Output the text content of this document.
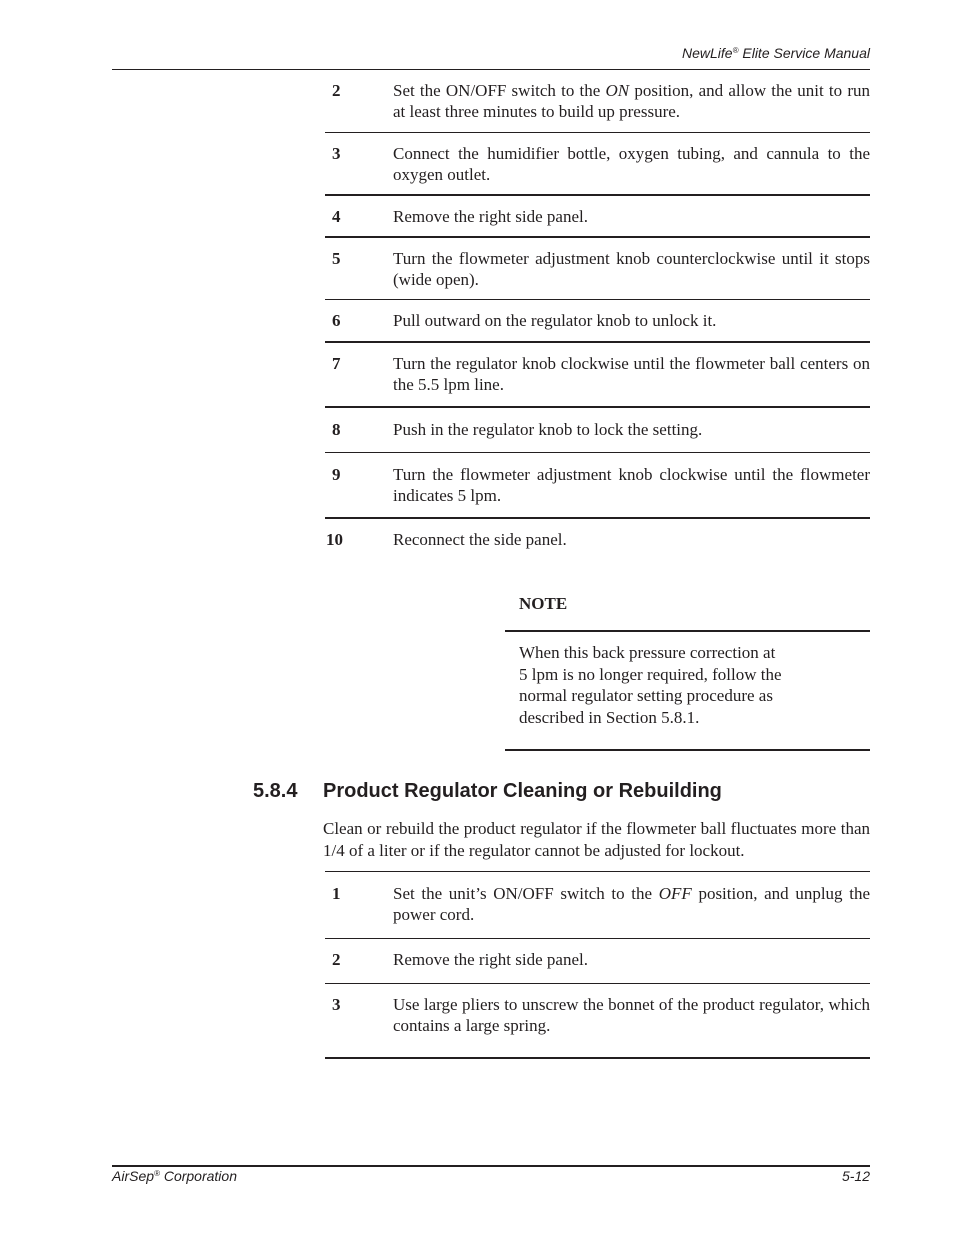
NewLife® Elite Service Manual
2	Set the ON/OFF switch to the ON position, and allow the unit to run at least three minutes to build up pressure.
3	Connect the humidifier bottle, oxygen tubing, and cannula to the oxygen outlet.
4	Remove the right side panel.
5	Turn the flowmeter adjustment knob counterclockwise until it stops (wide open).
6	Pull outward on the regulator knob to unlock it.
7	Turn the regulator knob clockwise until the flowmeter ball centers on the 5.5 lpm line.
8	Push in the regulator knob to lock the setting.
9	Turn the flowmeter adjustment knob clockwise until the flowmeter indicates 5 lpm.
10	Reconnect the side panel.
NOTE
When this back pressure correction at
5 lpm is no longer required, follow the
normal regulator setting procedure as
described in Section 5.8.1.
5.8.4 Product Regulator Cleaning or Rebuilding
Clean or rebuild the product regulator if the flowmeter ball fluctuates more than 1/4 of a liter or if the regulator cannot be adjusted for lockout.
1	Set the unit’s ON/OFF switch to the OFF position, and unplug the power cord.
2	Remove the right side panel.
3	Use large pliers to unscrew the bonnet of the product regulator, which contains a large spring.
AirSep® Corporation	5-12
